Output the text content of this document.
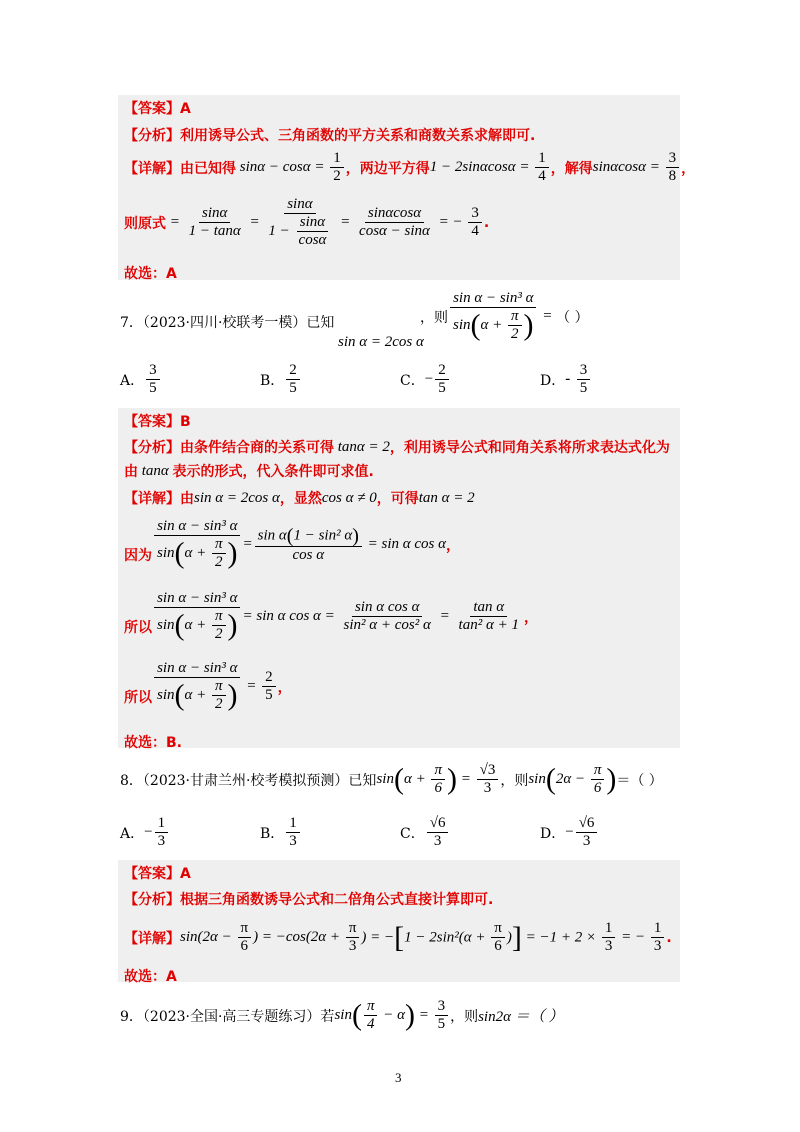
【答案】A
【分析】利用诱导公式、三角函数的平方关系和商数关系求解即可.
【详解】 由已知得 $\sin\alpha - \cos\alpha = \frac{1}{2}$ ，两边平方得 $1 - 2\sin\alpha\cos\alpha = \frac{1}{4}$ ，解得 $\sin\alpha\cos\alpha = \frac{3}{8}$ ，
则原式 = $\frac{\sin\alpha}{1 - \tan\alpha} = \frac{\sin\alpha}{1 - \frac{\sin\alpha}{\cos\alpha}} = \frac{\sin\alpha\cos\alpha}{\cos\alpha - \sin\alpha}$ = − $\frac{3}{4}$ .
故选：A
7．（2023·四川·校联考一模）已知
sin α = 2cos α
，则 $\frac{\text{sin α − sin³ α}}{\sin(\alpha + \frac{\pi}{2} )}$ = （ ）
A． $\frac{3}{5}$	B． $\frac{2}{5}$	C． − $\frac{2}{5}$	D． -
$\frac{3}{5}$
【答案】B
【分析】 由条件结合商的关系可得 tanα = 2 ，利用诱导公式和同角关系将所求表达式化为
由 tanα 表示的形式，代入条件即可求值.
【详解】 由 sin α = 2cos α ，显然 cos α ≠ 0 ，可得 tan α = 2
因为 $\frac{\text{sin α − sin³ α}}{\sin(\alpha + \frac{\pi}{2} )} = \frac{\text{sin α(1 − sin² α)}}{\text{cos α}} = \sin \alpha$ cos α ，
所以 $\frac{\text{sin α − sin³ α}}{\sin(\alpha + \frac{\pi}{2} )} = \sin \alpha$ $\cos \alpha = \frac{\text{sin α cos α}}{\text{sin² α + cos² α}} = \frac{\text{tan α}}{\text{tan² α + 1}}$ ，
所以 $\frac{\text{sin α − sin³ α}}{\sin(\alpha + \frac{\pi}{2} )} = \frac{2}{5}$ ，
故选：B.
8．（2023·甘肃兰州·校考模拟预测）已知 $\sin(\alpha + \frac{\pi}{6}$ ) = $\frac{√3}{3}$ ，则 $\sin(2\alpha - \frac{\pi}{6}$ ) ＝（ ）
A． − $\frac{1}{3}$	B． $\frac{1}{3}$	C． $\frac{√6}{3}$	D． − $\frac{√6}{3}$
【答案】A
【分析】根据三角函数诱导公式和二倍角公式直接计算即可.
【详解】 $\sin(2\alpha - \frac{\pi}{6}$ ) = $-\cos(2\alpha + \frac{\pi}{3}$ ) = $-[1 - 2\sin^2(\alpha + \frac{\pi}{6}$ )] = $-1 + 2 \times \frac{1}{3}$ = − $\frac{1}{3}$ .
故选：A
9．（2023·全国·高三专题练习）若 $\sin( \frac{\pi}{4} - \alpha) = \frac{3}{5}$ ，则 sin2α ＝（ ）
3
